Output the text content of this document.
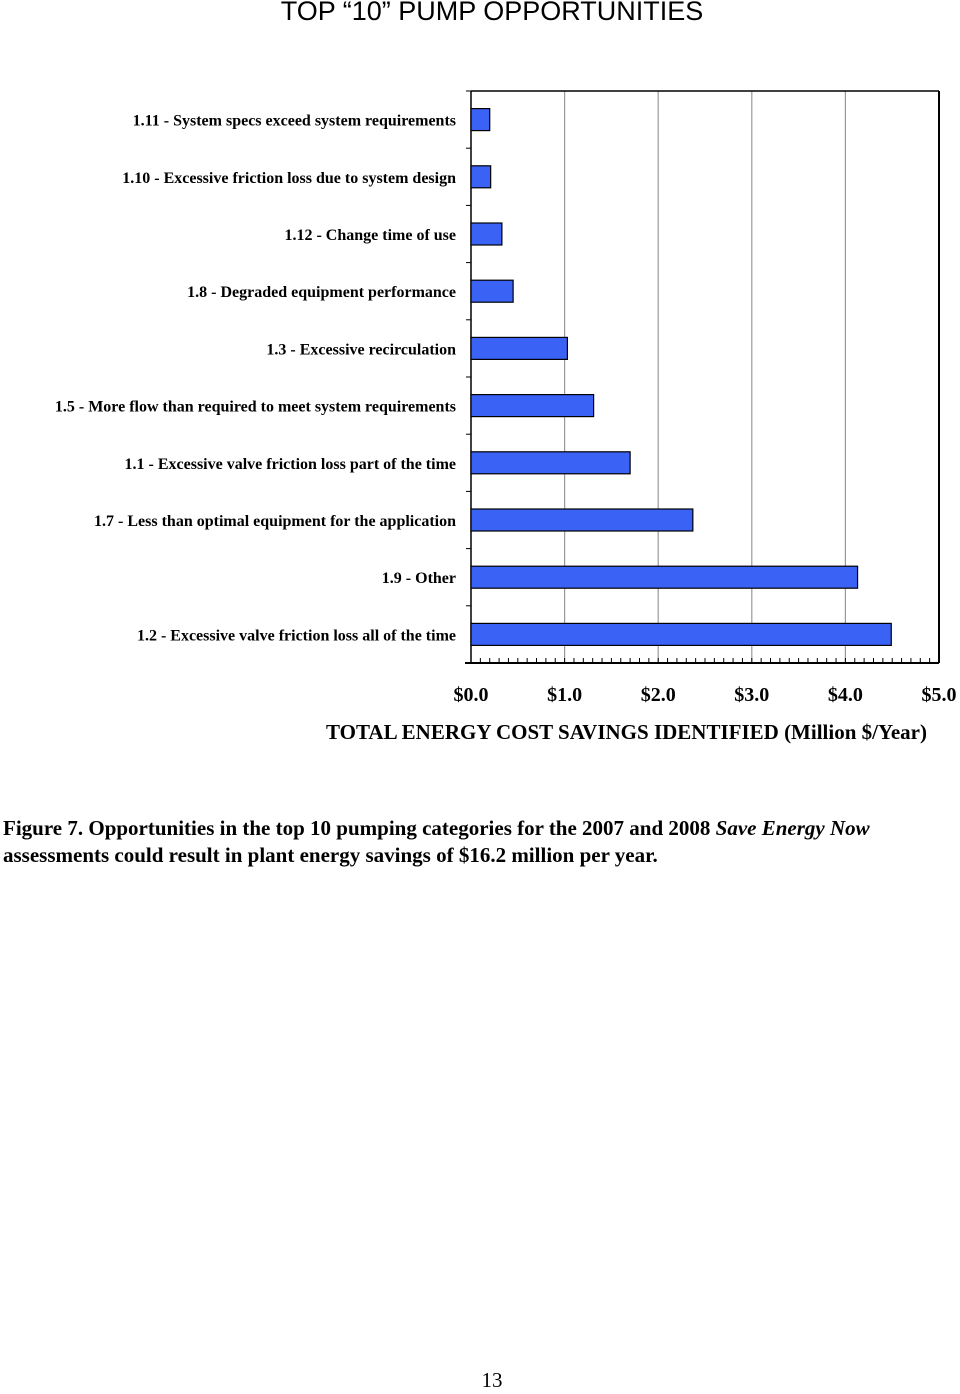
TOP “10” PUMP OPPORTUNITIES
$0.0	$1.0	$2.0	$3.0	$4.0	$5.0
1.11 - System specs exceed system requirements
1.10 - Excessive friction loss due to system design
1.12 - Change time of use
1.8 - Degraded equipment performance
1.3 - Excessive recirculation
1.5 - More flow than required to meet system requirements
1.1 - Excessive valve friction loss part of the time
1.7 - Less than optimal equipment for the application
1.9 - Other
1.2 - Excessive valve friction loss all of the time
TOTAL ENERGY COST SAVINGS IDENTIFIED (Million $/Year)
Figure 7. Opportunities in the top 10 pumping categories for the 2007 and 2008 Save Energy Now assessments could result in plant energy savings of $16.2 million per year.
13
